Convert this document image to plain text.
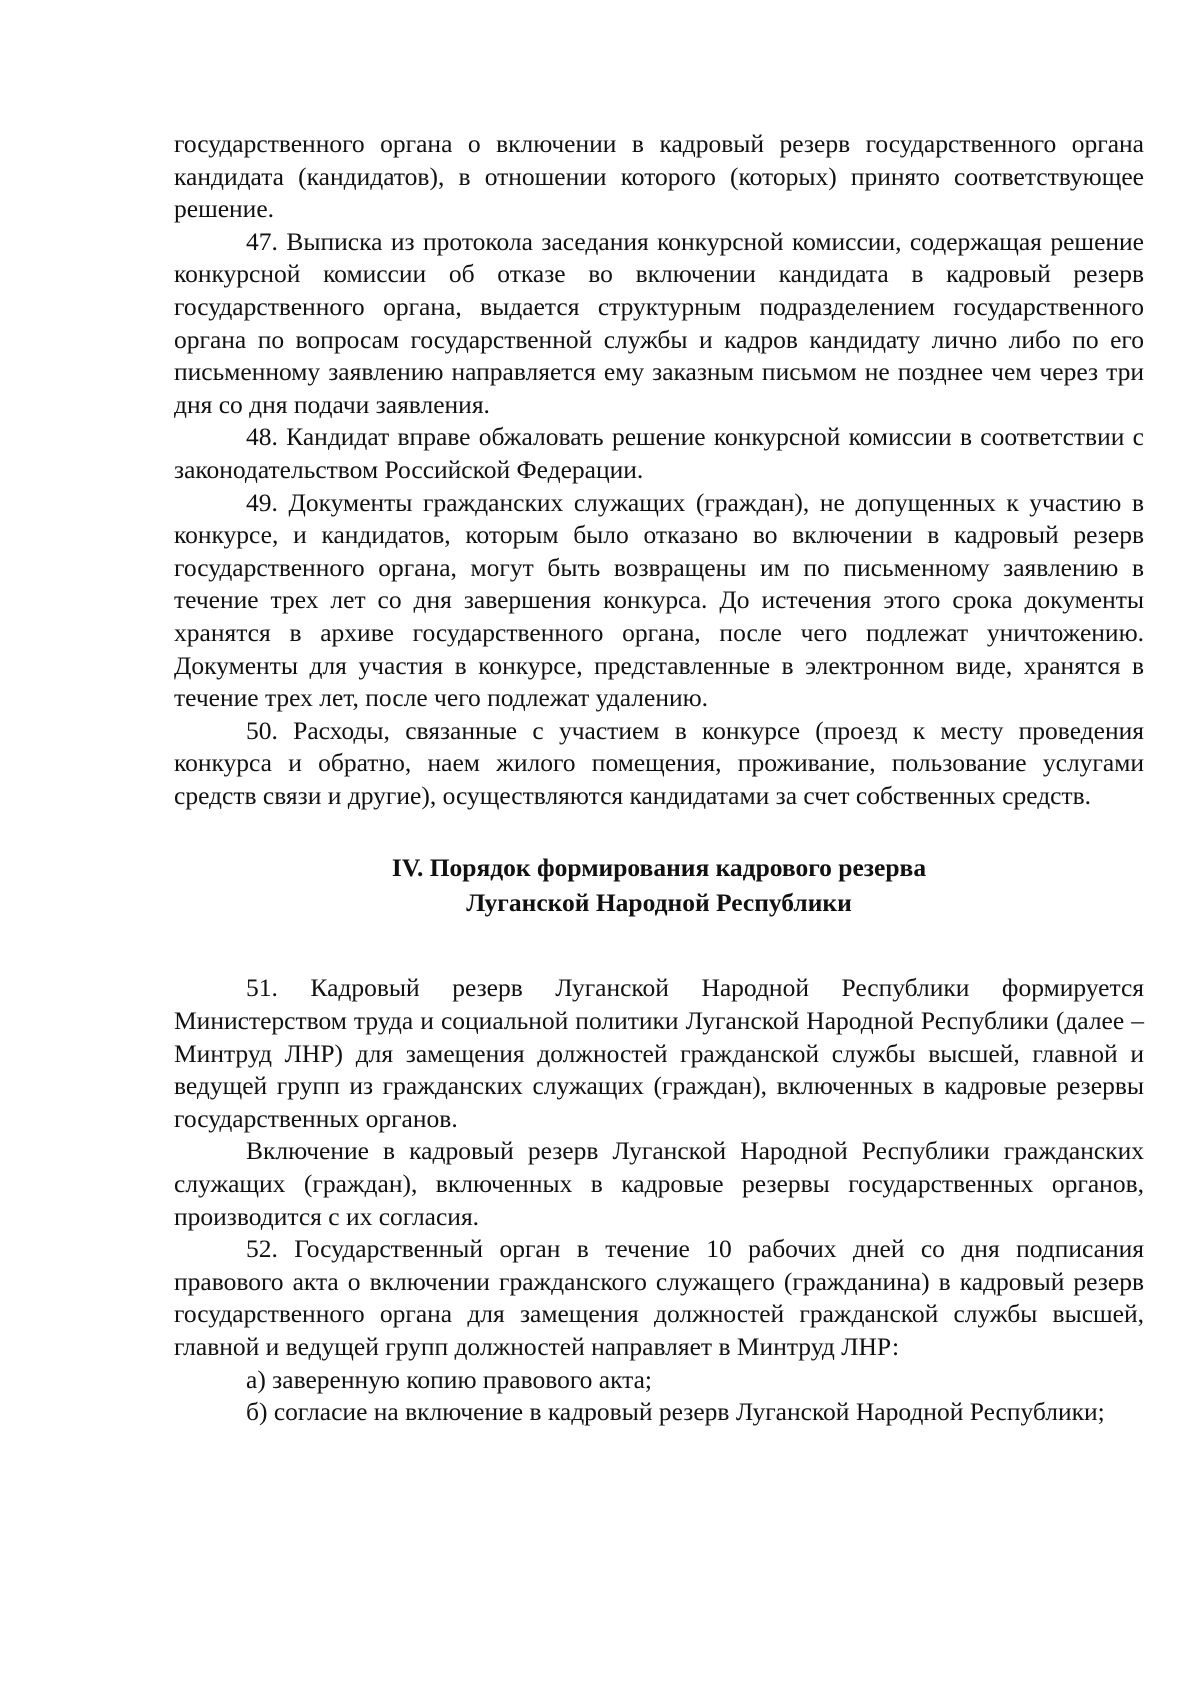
государственного органа о включении в кадровый резерв государственного органа кандидата (кандидатов), в отношении которого (которых) принято соответствующее решение.

47. Выписка из протокола заседания конкурсной комиссии, содержащая решение конкурсной комиссии об отказе во включении кандидата в кадровый резерв государственного органа, выдается структурным подразделением государственного органа по вопросам государственной службы и кадров кандидату лично либо по его письменному заявлению направляется ему заказным письмом не позднее чем через три дня со дня подачи заявления.

48. Кандидат вправе обжаловать решение конкурсной комиссии в соответствии с законодательством Российской Федерации.

49. Документы гражданских служащих (граждан), не допущенных к участию в конкурсе, и кандидатов, которым было отказано во включении в кадровый резерв государственного органа, могут быть возвращены им по письменному заявлению в течение трех лет со дня завершения конкурса. До истечения этого срока документы хранятся в архиве государственного органа, после чего подлежат уничтожению. Документы для участия в конкурсе, представленные в электронном виде, хранятся в течение трех лет, после чего подлежат удалению.

50. Расходы, связанные с участием в конкурсе (проезд к месту проведения конкурса и обратно, наем жилого помещения, проживание, пользование услугами средств связи и другие), осуществляются кандидатами за счет собственных средств.

IV. Порядок формирования кадрового резерва

Луганской Народной Республики

51. Кадровый резерв Луганской Народной Республики формируется Министерством труда и социальной политики Луганской Народной Республики (далее – Минтруд ЛНР) для замещения должностей гражданской службы высшей, главной и ведущей групп из гражданских служащих (граждан), включенных в кадровые резервы государственных органов.

Включение в кадровый резерв Луганской Народной Республики гражданских служащих (граждан), включенных в кадровые резервы государственных органов, производится с их согласия.

52. Государственный орган в течение 10 рабочих дней со дня подписания правового акта о включении гражданского служащего (гражданина) в кадровый резерв государственного органа для замещения должностей гражданской службы высшей, главной и ведущей групп должностей направляет в Минтруд ЛНР:

а) заверенную копию правового акта;

б) согласие на включение в кадровый резерв Луганской Народной Республики;
